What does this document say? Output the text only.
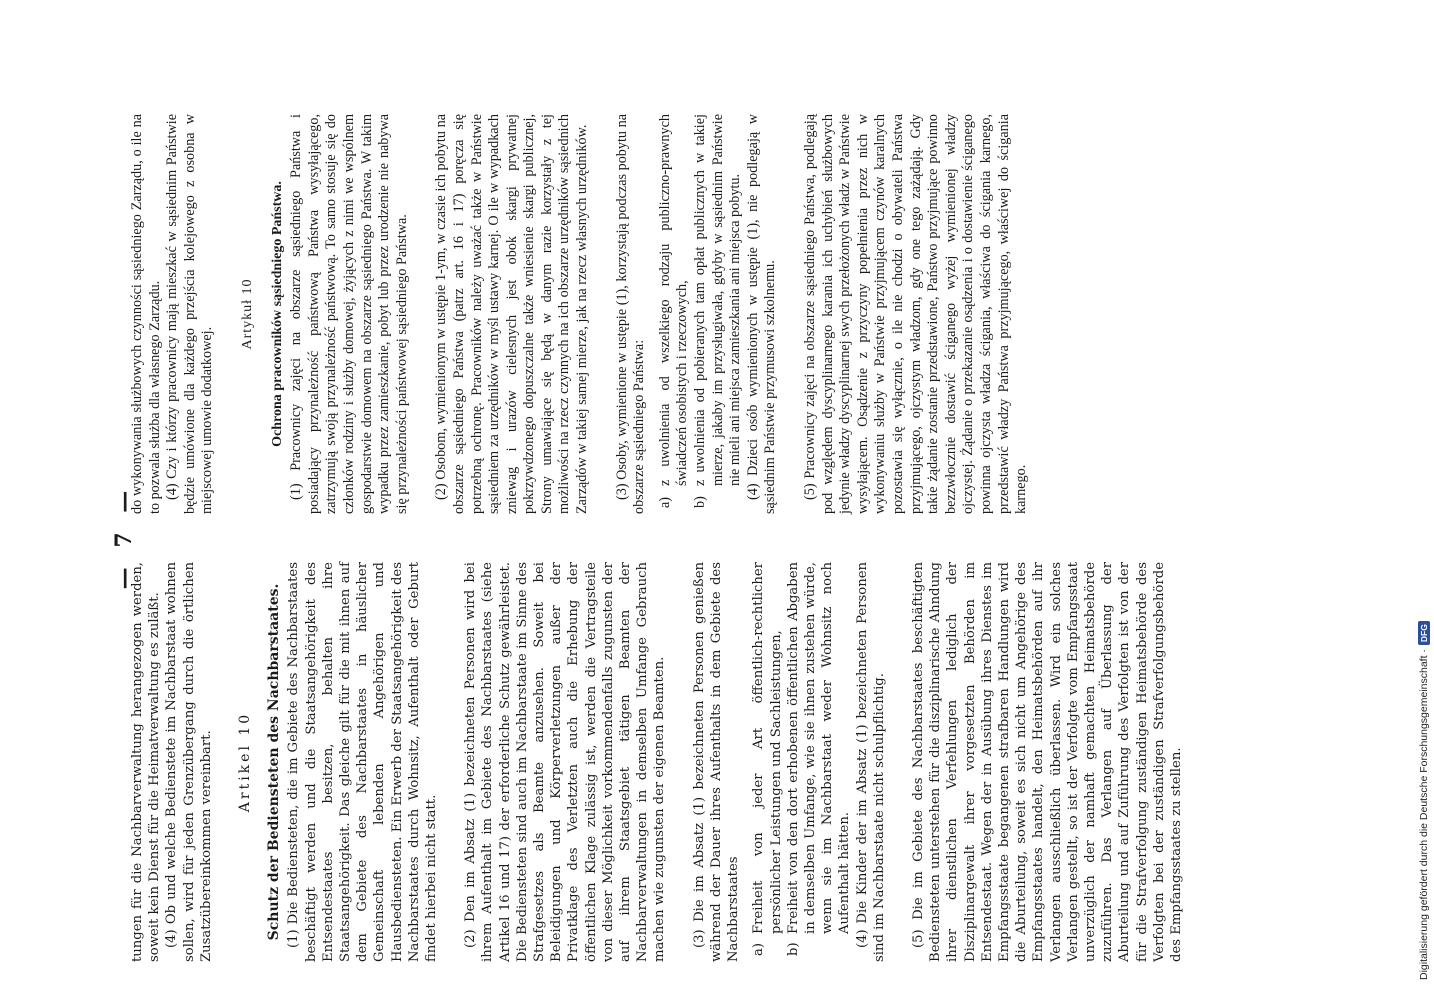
— 7 —

tungen für die Nachbarverwaltung herangezogen werden, soweit kein Dienst für die Heimatverwaltung es zuläßt. (4) Ob und welche Bedienstete im Nachbarstaat wohnen sollen, wird für jeden Grenzübergang durch die örtlichen Zusatzübereinkommen vereinbart. Artikel 10 Schutz der Bediensteten des Nachbarstaates. (1) Die Bediensteten, die im Gebiete des Nachbarstaates beschäftigt werden und die Staatsangehörigkeit des Entsendestaates besitzen, behalten ihre Staatsangehörigkeit. Das gleiche gilt für die mit ihnen auf dem Gebiete des Nachbarstaates in häuslicher Gemeinschaft lebenden Angehörigen und Hausbediensteten. Ein Erwerb der Staatsangehörigkeit des Nachbarstaates durch Wohnsitz, Aufenthalt oder Geburt findet hierbei nicht statt. (2) Den im Absatz (1) bezeichneten Personen wird bei ihrem Aufenthalt im Gebiete des Nachbarstaates (siehe Artikel 16 und 17) der erforderliche Schutz gewährleistet. Die Bediensteten sind auch im Nachbarstaate im Sinne des Strafgesetzes als Beamte anzusehen. Soweit bei Beleidigungen und Körperverletzungen außer der Privatklage des Verletzten auch die Erhebung der öffentlichen Klage zulässig ist, werden die Vertragsteile von dieser Möglichkeit vorkommendenfalls zugunsten der auf ihrem Staatsgebiet tätigen Beamten der Nachbarverwaltungen in demselben Umfange Gebrauch machen wie zugunsten der eigenen Beamten. (3) Die im Absatz (1) bezeichneten Personen genießen während der Dauer ihres Aufenthalts in dem Gebiete des Nachbarstaates a)
Freiheit von jeder Art öffentlich-rechtlicher persönlicher Leistungen und Sachleistungen,
b)
Freiheit von den dort erhobenen öffentlichen Abgaben in demselben Umfange, wie sie ihnen zustehen würde, wenn sie im Nachbarstaat weder Wohnsitz noch Aufenthalt hätten. (4) Die Kinder der im Absatz (1) bezeichneten Personen sind im Nachbarstaate nicht schulpflichtig. (5) Die im Gebiete des Nachbarstaates beschäftigten Bediensteten unterstehen für die disziplinarische Ahndung ihrer dienstlichen Verfehlungen lediglich der Disziplinargewalt ihrer vorgesetzten Behörden im Entsendestaat. Wegen der in Ausübung ihres Dienstes im Empfangsstaate begangenen strafbaren Handlungen wird die Aburteilung, soweit es sich nicht um Angehörige des Empfangsstaates handelt, den Heimatsbehörden auf ihr Verlangen ausschließlich überlassen. Wird ein solches Verlangen gestellt, so ist der Verfolgte vom Empfangsstaat unverzüglich der namhaft gemachten Heimatsbehörde zuzuführen. Das Verlangen auf Überlassung der Aburteilung und auf Zuführung des Verfolgten ist von der für die Strafverfolgung zuständigen Heimatsbehörde des Verfolgten bei der zuständigen Strafverfolgungsbehörde des Empfangsstaates zu stellen.

do wykonywania służbowych czynności sąsiedniego Zarządu, o ile na to pozwala służba dla własnego Zarządu. (4) Czy i którzy pracownicy mają mieszkać w sąsiednim Państwie będzie umówione dla każdego przejścia kolejowego z osobna w miejscowej umowie dodatkowej.

Artykuł 10 Ochrona pracowników sąsiedniego Państwa. (1) Pracownicy zajęci na obszarze sąsiedniego Państwa i posiadający przynależność państwową Państwa wysyłającego, zatrzymują swoją przynależność państwową. To samo stosuje się do członków rodziny i służby domowej, żyjących z nimi we wspólnem gospodarstwie domowem na obszarze sąsiedniego Państwa. W takim wypadku przez zamieszkanie, pobyt lub przez urodzenie nie nabywa się przynależności państwowej sąsiedniego Państwa. (2) Osobom, wymienionym w ustępie 1-ym, w czasie ich pobytu na obszarze sąsiedniego Państwa (patrz art. 16 i 17) poręcza się potrzebną ochronę. Pracowników należy uważać także w Państwie sąsiedniem za urzędników w myśl ustawy karnej. O ile w wypadkach zniewag i urazów cielesnych jest obok skargi prywatnej pokrzywdzonego dopuszczalne także wniesienie skargi publicznej, Strony umawiające się będą w danym razie korzystały z tej możliwości na rzecz czynnych na ich obszarze urzędników sąsiednich Zarządów w takiej samej mierze, jak na rzecz własnych urzędników. (3) Osoby, wymienione w ustępie (1), korzystają podczas pobytu na obszarze sąsiedniego Państwa: a)
z uwolnienia od wszelkiego rodzaju publiczno-prawnych świadczeń osobistych i rzeczowych,
b)
z uwolnienia od pobieranych tam opłat publicznych w takiej mierze, jakaby im przysługiwała, gdyby w sąsiednim Państwie nie mieli ani miejsca zamieszkania ani miejsca pobytu. (4) Dzieci osób wymienionych w ustępie (1), nie podlegają w sąsiednim Państwie przymusowi szkolnemu. (5) Pracownicy zajęci na obszarze sąsiedniego Państwa, podlegają pod względem dyscyplinarnego karania ich uchybień służbowych jedynie władzy dyscyplinarnej swych przełożonych władz w Państwie wysyłającem. Osądzenie z przyczyny popełnienia przez nich w wykonywaniu służby w Państwie przyjmującem czynów karalnych pozostawia się wyłącznie, o ile nie chodzi o obywateli Państwa przyjmującego, ojczystym władzom, gdy one tego zażądają. Gdy takie żądanie zostanie przedstawione, Państwo przyjmujące powinno bezzwłocznie dostawić ściganego wyżej wymienionej władzy ojczystej. Żądanie o przekazanie osądzenia i o dostawienie ściganego powinna ojczysta władza ścigania, właściwa do ścigania karnego, przedstawić władzy Państwa przyjmującego, właściwej do ścigania karnego.

Digitalisierung gefördert durch die Deutsche Forschungsgemeinschaft ·
DFG
